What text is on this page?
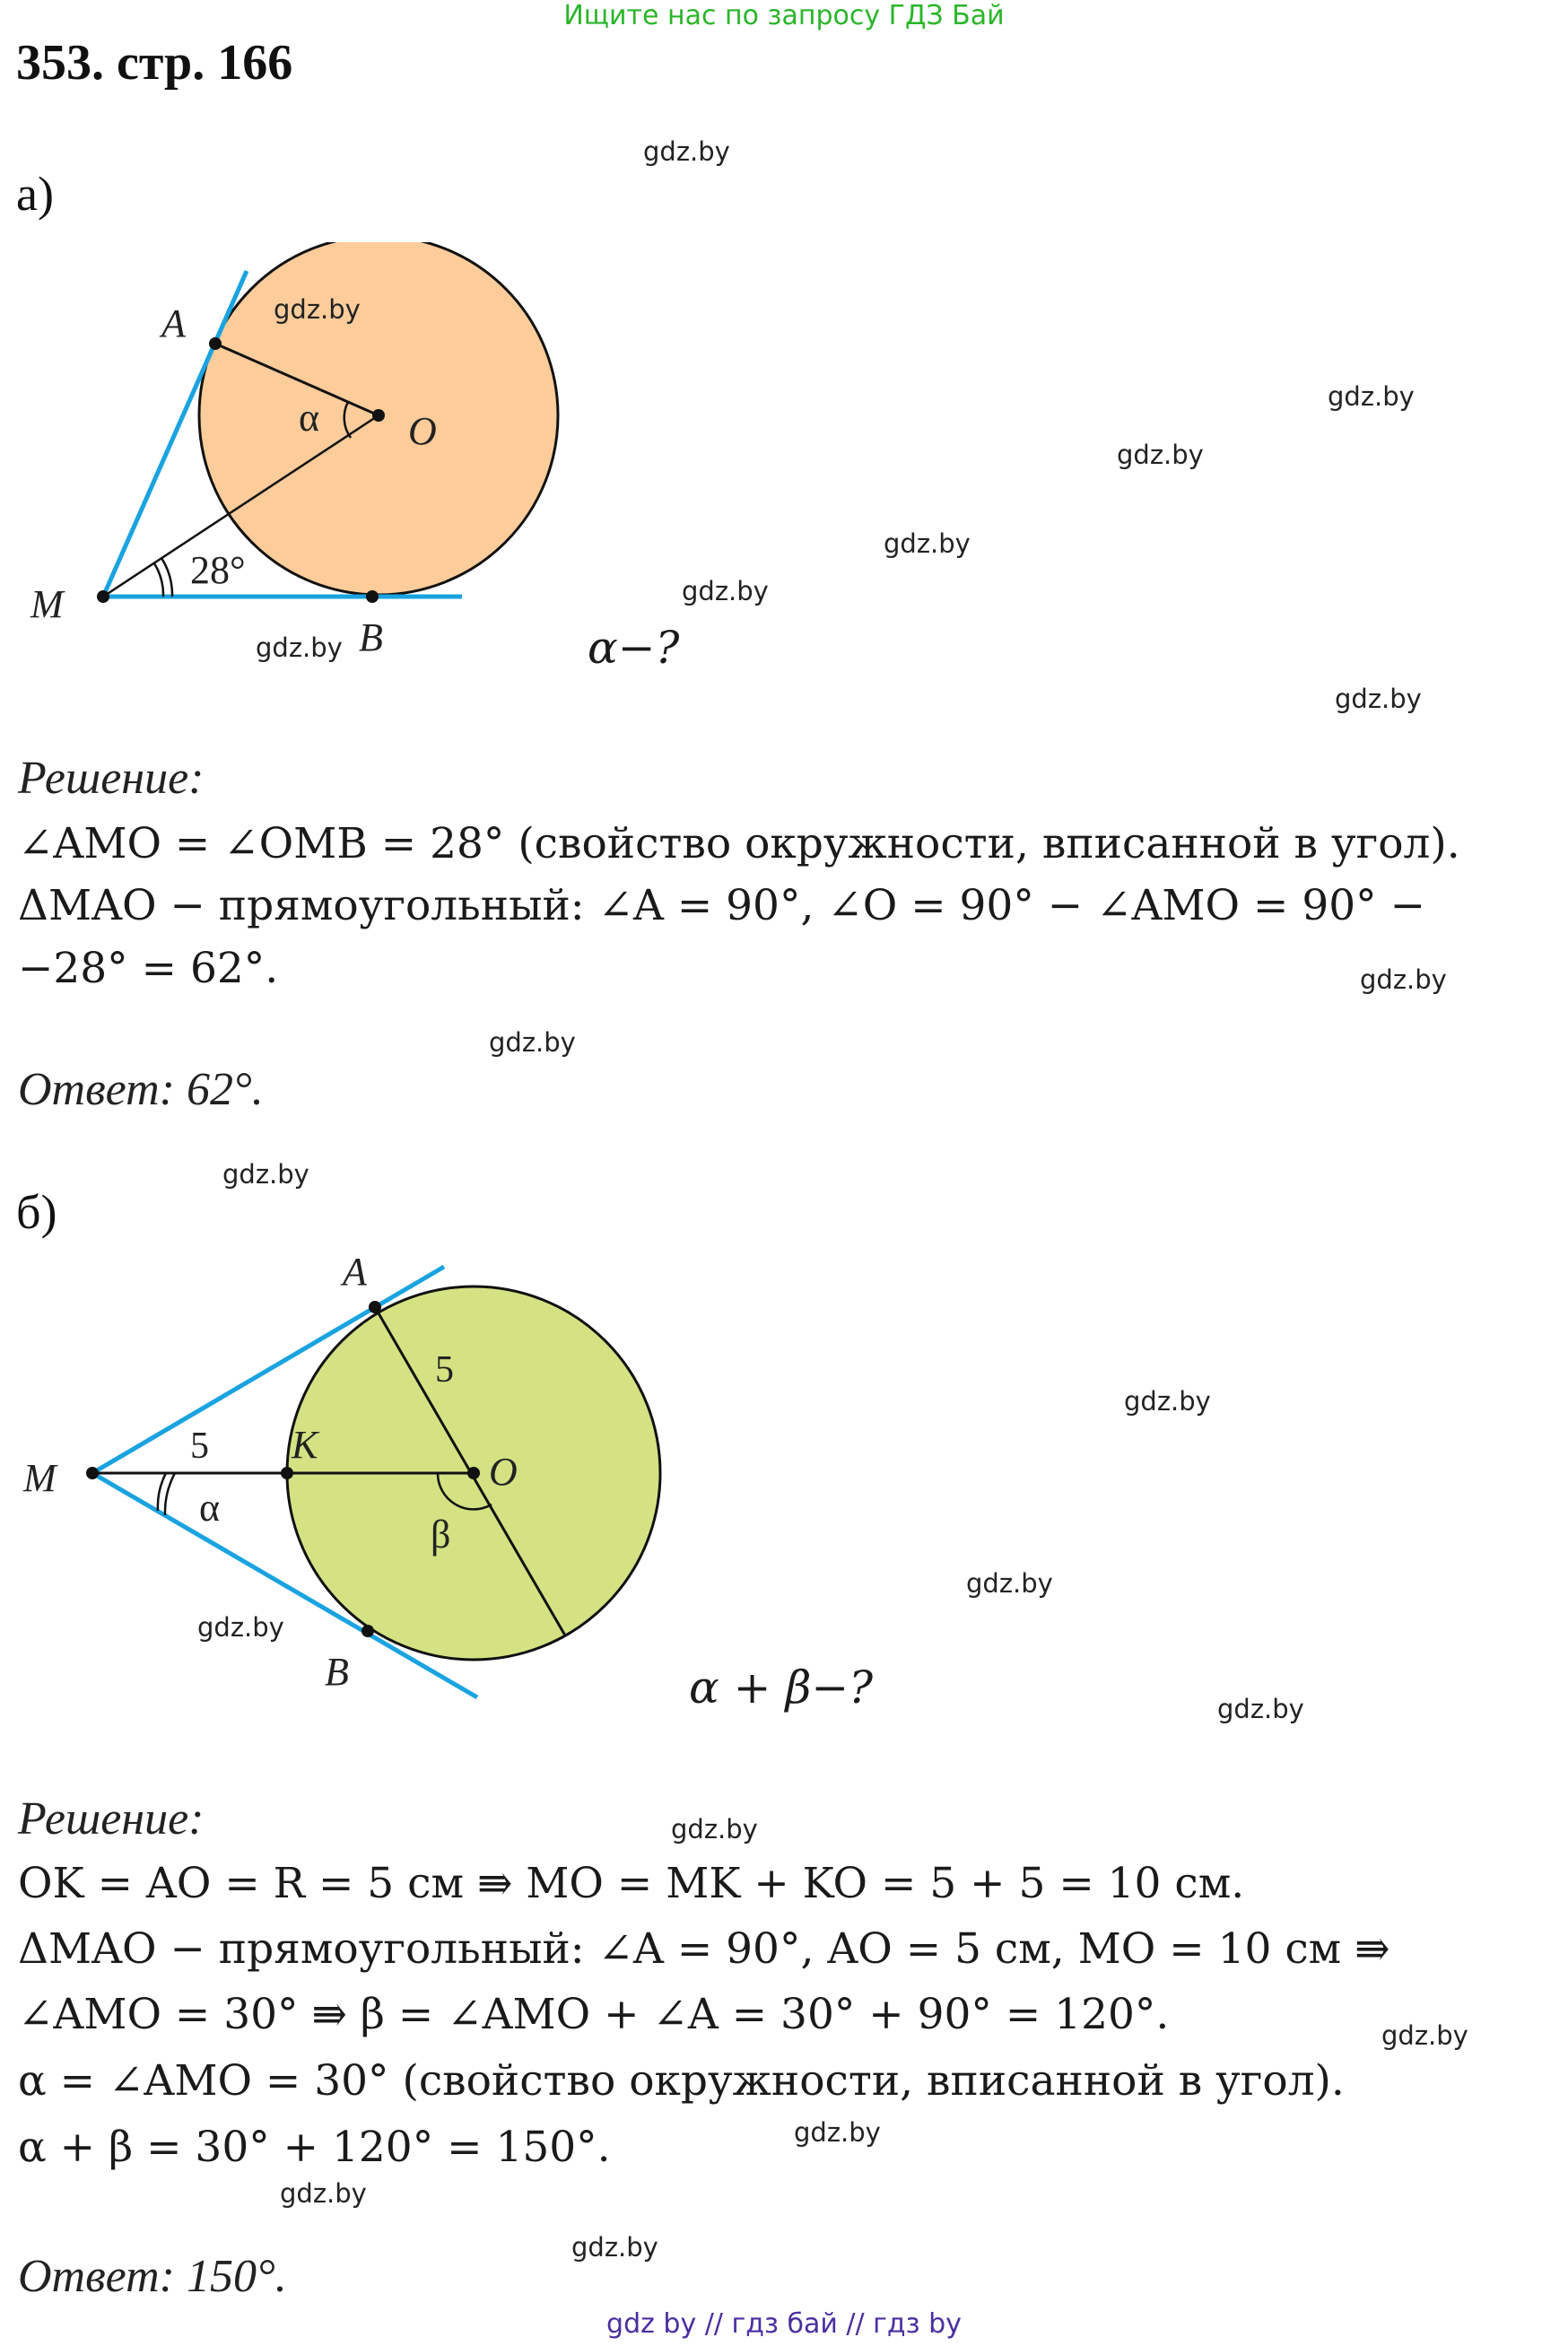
Ищите нас по запросу ГДЗ Бай
353. стр. 166
а)
A
O
M
B
α
28°
α−?
Решение:
∠AMO = ∠OMB = 28° (свойство окружности, вписанной в угол).
ΔMAO − прямоугольный: ∠A = 90°, ∠O = 90° − ∠AMO = 90° −
−28° = 62°.
Ответ: 62°.
б)
A
O
M
K
B
5
5
α
β
α + β−?
Решение:
OK = AO = R = 5 см ⇛ MO = MK + KO = 5 + 5 = 10 см.
ΔMAO − прямоугольный: ∠A = 90°, AO = 5 см, MO = 10 см ⇛
∠AMO = 30° ⇛ β = ∠AMO + ∠A = 30° + 90° = 120°.
α = ∠AMO = 30° (свойство окружности, вписанной в угол).
α + β = 30° + 120° = 150°.
Ответ: 150°.
gdz.by
gdz.by
gdz.by
gdz.by
gdz.by
gdz.by
gdz.by
gdz.by
gdz.by
gdz.by
gdz.by
gdz.by
gdz.by
gdz.by
gdz.by
gdz.by
gdz.by
gdz.by
gdz.by
gdz.by
gdz by // гдз бай // гдз by
